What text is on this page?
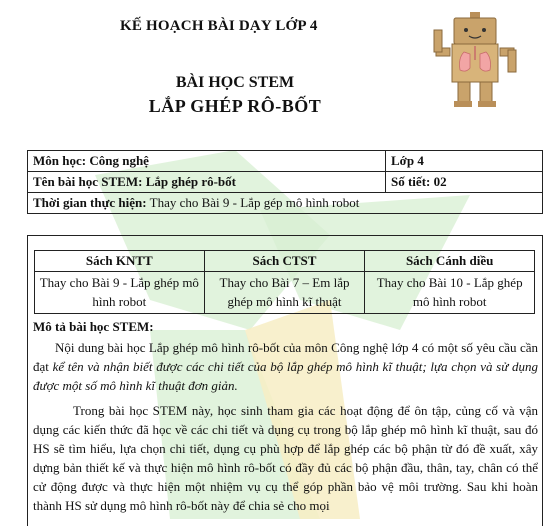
KẾ HOẠCH BÀI DẠY LỚP 4
BÀI HỌC STEM
LẮP GHÉP RÔ-BỐT
Môn học: Công nghệ	Lớp 4
Tên bài học STEM: Lắp ghép rô-bốt	Số tiết: 02
Thời gian thực hiện: Thay cho Bài 9 - Lắp gép mô hình robot
Sách KNTT	Sách CTST	Sách Cánh diều
Thay cho Bài 9 - Lắp ghép mô hình robot	Thay cho Bài 7 – Em lắp ghép mô hình kĩ thuật	Thay cho Bài 10 - Lắp ghép mô hình robot
Mô tả bài học STEM:
Nội dung bài học Lắp ghép mô hình rô-bốt của môn Công nghệ lớp 4 có một số yêu cầu cần đạt kể tên và nhận biết được các chi tiết của bộ lắp ghép mô hình kĩ thuật; lựa chọn và sử dụng được một số mô hình kĩ thuật đơn giản.
Trong bài học STEM này, học sinh tham gia các hoạt động để ôn tập, củng cố và vận dụng các kiến thức đã học về các chi tiết và dụng cụ trong bộ lắp ghép mô hình kĩ thuật, sau đó HS sẽ tìm hiểu, lựa chọn chi tiết, dụng cụ phù hợp để lắp ghép các bộ phận từ đó đề xuất, xây dựng bản thiết kế và thực hiện mô hình rô-bốt có đầy đủ các bộ phận đầu, thân, tay, chân có thể cử động được và thực hiện một nhiệm vụ cụ thể góp phần bảo vệ môi trường. Sau khi hoàn thành HS sử dụng mô hình rô-bốt này để chia sẻ cho mọi
